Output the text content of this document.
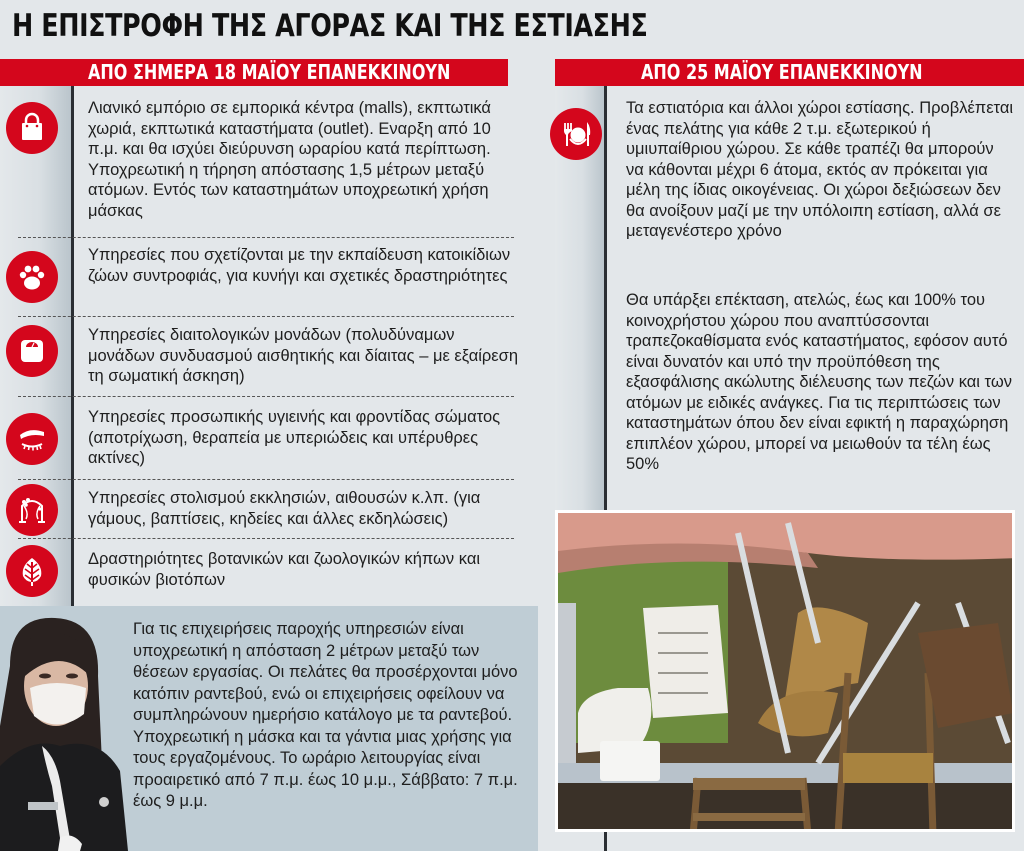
Η ΕΠΙΣΤΡΟΦΗ ΤΗΣ ΑΓΟΡΑΣ ΚΑΙ ΤΗΣ ΕΣΤΙΑΣΗΣ
ΑΠΟ ΣΗΜΕΡΑ 18 ΜΑΪΟΥ ΕΠΑΝΕΚΚΙΝΟΥΝ
Λιανικό εμπόριο σε εμπορικά κέντρα (malls), εκπτωτικά χωριά, εκπτωτικά καταστήματα (outlet). Εναρξη από 10 π.μ. και θα ισχύει διεύρυνση ωραρίου κατά περίπτωση. Υποχρεωτική η τήρηση απόστασης 1,5 μέτρων μεταξύ ατόμων. Εντός των καταστημάτων υποχρεωτική χρήση μάσκας
Υπηρεσίες που σχετίζονται με την εκπαίδευση κατοικίδιων ζώων συντροφιάς, για κυνήγι και σχετικές δραστηριότητες
Υπηρεσίες διαιτολογικών μονάδων (πολυδύναμων μονάδων συνδυασμού αισθητικής και δίαιτας – με εξαίρεση τη σωματική άσκηση)
Υπηρεσίες προσωπικής υγιεινής και φροντίδας σώματος (αποτρίχωση, θεραπεία με υπεριώδεις και υπέρυθρες ακτίνες)
Υπηρεσίες στολισμού εκκλησιών, αιθουσών κ.λπ. (για γάμους, βαπτίσεις, κηδείες και άλλες εκδηλώσεις)
Δραστηριότητες βοτανικών και ζωολογικών κήπων και φυσικών βιοτόπων
Για τις επιχειρήσεις παροχής υπηρεσιών είναι υποχρεωτική η απόσταση 2 μέτρων μεταξύ των θέσεων εργασίας. Οι πελάτες θα προσέρχονται μόνο κατόπιν ραντεβού, ενώ οι επιχειρήσεις οφείλουν να συμπληρώνουν ημερήσιο κατάλογο με τα ραντεβού. Υποχρεωτική η μάσκα και τα γάντια μιας χρήσης για τους εργαζομένους. Το ωράριο λειτουργίας είναι προαιρετικό από 7 π.μ. έως 10 μ.μ., Σάββατο: 7 π.μ. έως 9 μ.μ.
ΑΠΟ 25 ΜΑΪΟΥ ΕΠΑΝΕΚΚΙΝΟΥΝ
Τα εστιατόρια και άλλοι χώροι εστίασης. Προβλέπεται ένας πελάτης για κάθε 2 τ.μ. εξωτερικού ή υμιυπαίθριου χώρου. Σε κάθε τραπέζι θα μπορούν να κάθονται μέχρι 6 άτομα, εκτός αν πρόκειται για μέλη της ίδιας οικογένειας. Οι χώροι δεξιώσεων δεν θα ανοίξουν μαζί με την υπόλοιπη εστίαση, αλλά σε μεταγενέστερο χρόνο
Θα υπάρξει επέκταση, ατελώς, έως και 100% του κοινοχρήστου χώρου που αναπτύσσονται τραπεζοκαθίσματα ενός καταστήματος, εφόσον αυτό είναι δυνατόν και υπό την προϋπόθεση της εξασφάλισης ακώλυτης διέλευσης των πεζών και των ατόμων με ειδικές ανάγκες. Για τις περιπτώσεις των καταστημάτων όπου δεν είναι εφικτή η παραχώρηση επιπλέον χώρου, μπορεί να μειωθούν τα τέλη έως 50%
